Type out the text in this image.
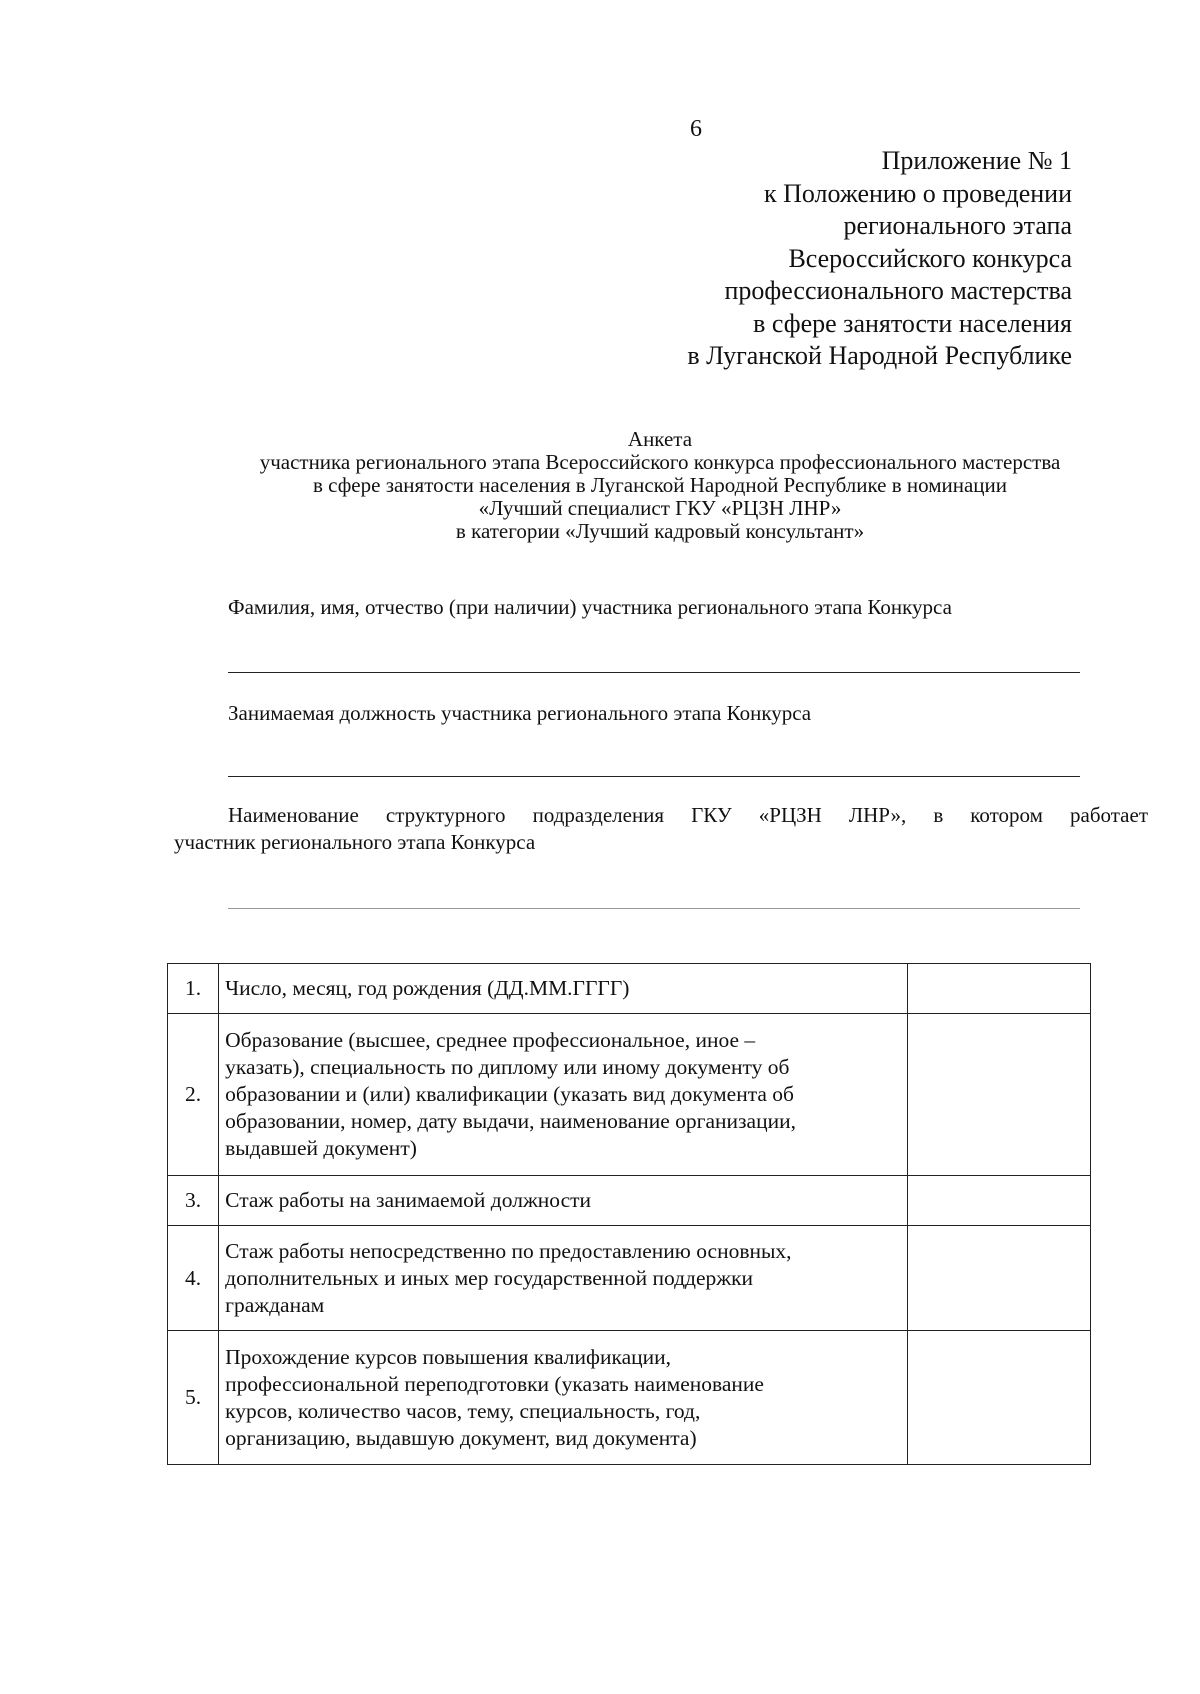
6
Приложение № 1
к Положению о проведении
регионального этапа
Всероссийского конкурса
профессионального мастерства
в сфере занятости населения
в Луганской Народной Республике
Анкета
участника регионального этапа Всероссийского конкурса профессионального мастерства
в сфере занятости населения в Луганской Народной Республике в номинации
«Лучший специалист ГКУ «РЦЗН ЛНР»
в категории «Лучший кадровый консультант»
Фамилия, имя, отчество (при наличии) участника регионального этапа Конкурса
Занимаемая должность участника регионального этапа Конкурса
Наименование структурного подразделения ГКУ «РЦЗН ЛНР», в котором работает
участник регионального этапа Конкурса
1.	Число, месяц, год рождения (ДД.ММ.ГГГГ)	

2.	Образование (высшее, среднее профессиональное, иное –
указать), специальность по диплому или иному документу об
образовании и (или) квалификации (указать вид документа об
образовании, номер, дату выдачи, наименование организации,
выдавшей документ)	

3.	Стаж работы на занимаемой должности	

4.	Стаж работы непосредственно по предоставлению основных,
дополнительных и иных мер государственной поддержки
гражданам	

5.	Прохождение курсов повышения квалификации,
профессиональной переподготовки (указать наименование
курсов, количество часов, тему, специальность, год,
организацию, выдавшую документ, вид документа)	
